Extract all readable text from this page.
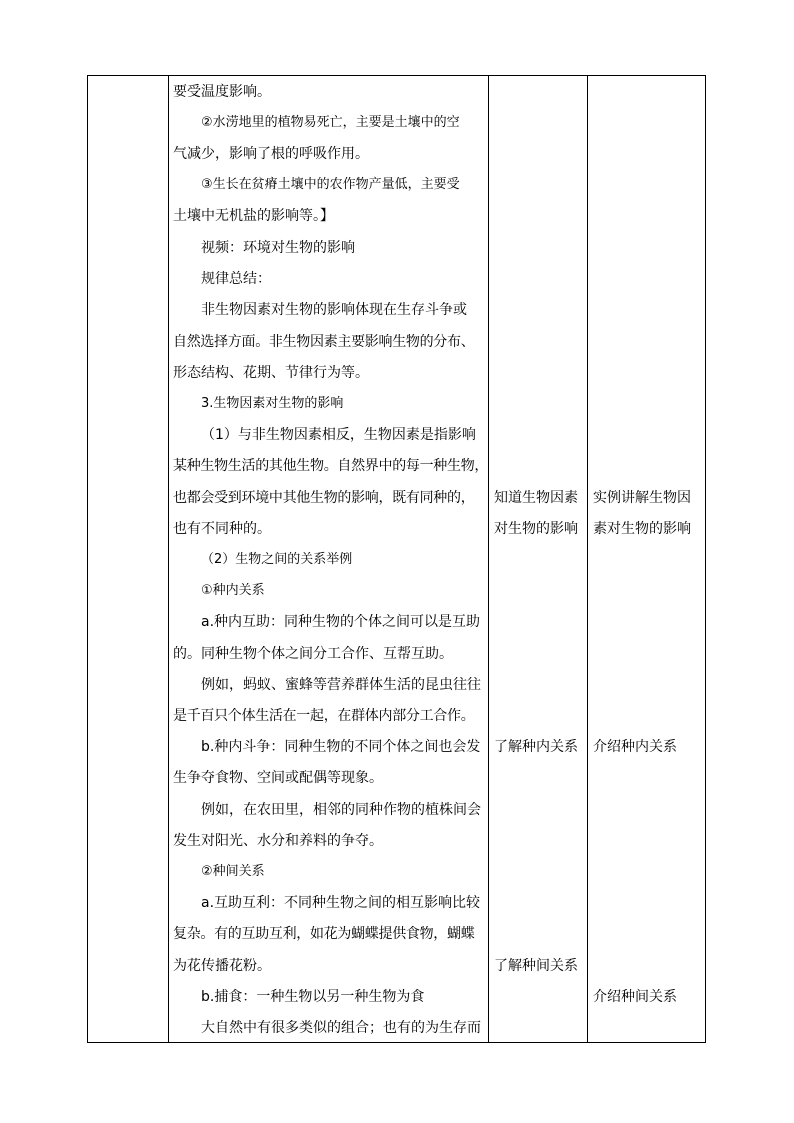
要受温度影响。
②水涝地里的植物易死亡，主要是土壤中的空
气减少，影响了根的呼吸作用。
③生长在贫瘠土壤中的农作物产量低，主要受
土壤中无机盐的影响等。】
视频：环境对生物的影响
规律总结：
非生物因素对生物的影响体现在生存斗争或
自然选择方面。非生物因素主要影响生物的分布、
形态结构、花期、节律行为等。
3.生物因素对生物的影响
（1）与非生物因素相反，生物因素是指影响
某种生物生活的其他生物。自然界中的每一种生物，
也都会受到环境中其他生物的影响，既有同种的，
也有不同种的。
（2）生物之间的关系举例
①种内关系
a.种内互助：同种生物的个体之间可以是互助
的。同种生物个体之间分工合作、互帮互助。
例如，蚂蚁、蜜蜂等营养群体生活的昆虫往往
是千百只个体生活在一起，在群体内部分工合作。
b.种内斗争：同种生物的不同个体之间也会发
生争夺食物、空间或配偶等现象。
例如，在农田里，相邻的同种作物的植株间会
发生对阳光、水分和养料的争夺。
②种间关系
a.互助互利：不同种生物之间的相互影响比较
复杂。有的互助互利，如花为蝴蝶提供食物，蝴蝶
为花传播花粉。
b.捕食：一种生物以另一种生物为食
大自然中有很多类似的组合；也有的为生存而
知道生物因素
对生物的影响
了解种内关系
了解种间关系
实例讲解生物因
素对生物的影响
介绍种内关系
介绍种间关系
